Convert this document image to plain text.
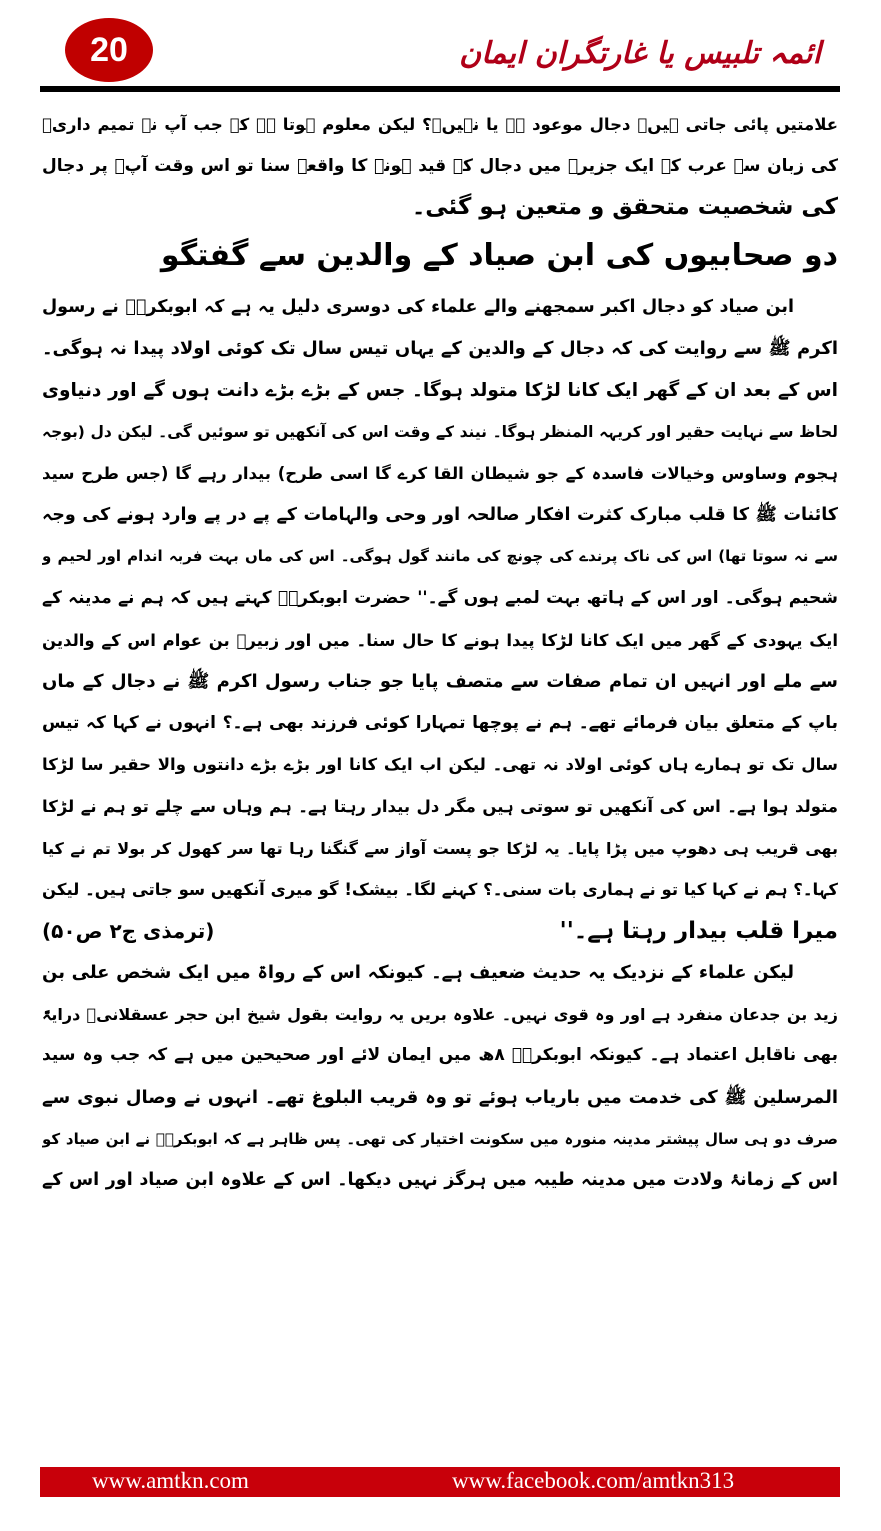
20	ائمہ تلبیس یا غارتگران ایمان
علامتیں پائی جاتی ہیں۔ دجال موعود ہے یا نہیں۔؟ لیکن معلوم ہوتا ہے کہ جب آپ نے تمیم داریؓ
کی زبان سے عرب کے ایک جزیرہ میں دجال کے قید ہونے کا واقعہ سنا تو اس وقت آپؐ پر دجال
کی شخصیت متحقق و متعین ہو گئی۔
دو صحابیوں کی ابن صیاد کے والدین سے گفتگو
ابن صیاد کو دجال اکبر سمجھنے والے علماء کی دوسری دلیل یہ ہے کہ ابوبکرہؓ نے رسول
اکرم ﷺ سے روایت کی کہ دجال کے والدین کے یہاں تیس سال تک کوئی اولاد پیدا نہ ہوگی۔
اس کے بعد ان کے گھر ایک کانا لڑکا متولد ہوگا۔ جس کے بڑے بڑے دانت ہوں گے اور دنیاوی
لحاظ سے نہایت حقیر اور کریہہ المنظر ہوگا۔ نیند کے وقت اس کی آنکھیں تو سوئیں گی۔ لیکن دل (بوجہ
ہجوم وساوس وخیالات فاسدہ کے جو شیطان القا کرے گا اسی طرح) بیدار رہے گا (جس طرح سید
کائنات ﷺ کا قلب مبارک کثرت افکار صالحہ اور وحی والہامات کے پے در پے وارد ہونے کی وجہ
سے نہ سوتا تھا) اس کی ناک پرندے کی چونچ کی مانند گول ہوگی۔ اس کی ماں بہت فربہ اندام اور لحیم و
شحیم ہوگی۔ اور اس کے ہاتھ بہت لمبے ہوں گے۔'' حضرت ابوبکرہؓ کہتے ہیں کہ ہم نے مدینہ کے
ایک یہودی کے گھر میں ایک کانا لڑکا پیدا ہونے کا حال سنا۔ میں اور زبیرؓ بن عوام اس کے والدین
سے ملے اور انہیں ان تمام صفات سے متصف پایا جو جناب رسول اکرم ﷺ نے دجال کے ماں
باپ کے متعلق بیان فرمائے تھے۔ ہم نے پوچھا تمہارا کوئی فرزند بھی ہے۔؟ انہوں نے کہا کہ تیس
سال تک تو ہمارے ہاں کوئی اولاد نہ تھی۔ لیکن اب ایک کانا اور بڑے بڑے دانتوں والا حقیر سا لڑکا
متولد ہوا ہے۔ اس کی آنکھیں تو سوتی ہیں مگر دل بیدار رہتا ہے۔ ہم وہاں سے چلے تو ہم نے لڑکا
بھی قریب ہی دھوپ میں پڑا پایا۔ یہ لڑکا جو پست آواز سے گنگنا رہا تھا سر کھول کر بولا تم نے کیا
کہا۔؟ ہم نے کہا کیا تو نے ہماری بات سنی۔؟ کہنے لگا۔ بیشک! گو میری آنکھیں سو جاتی ہیں۔ لیکن
میرا قلب بیدار رہتا ہے۔''
(ترمذی ج۲ ص۵۰)
لیکن علماء کے نزدیک یہ حدیث ضعیف ہے۔ کیونکہ اس کے رواۃ میں ایک شخص علی بن
زید بن جدعان منفرد ہے اور وہ قوی نہیں۔ علاوہ بریں یہ روایت بقول شیخ ابن حجر عسقلانیؒ درایۃً
بھی ناقابل اعتماد ہے۔ کیونکہ ابوبکرہؓ ۸ھ میں ایمان لائے اور صحیحین میں ہے کہ جب وہ سید
المرسلین ﷺ کی خدمت میں باریاب ہوئے تو وہ قریب البلوغ تھے۔ انہوں نے وصال نبوی سے
صرف دو ہی سال پیشتر مدینہ منورہ میں سکونت اختیار کی تھی۔ پس ظاہر ہے کہ ابوبکرہؓ نے ابن صیاد کو
اس کے زمانۂ ولادت میں مدینہ طیبہ میں ہرگز نہیں دیکھا۔ اس کے علاوہ ابن صیاد اور اس کے
www.amtkn.com	www.facebook.com/amtkn313
